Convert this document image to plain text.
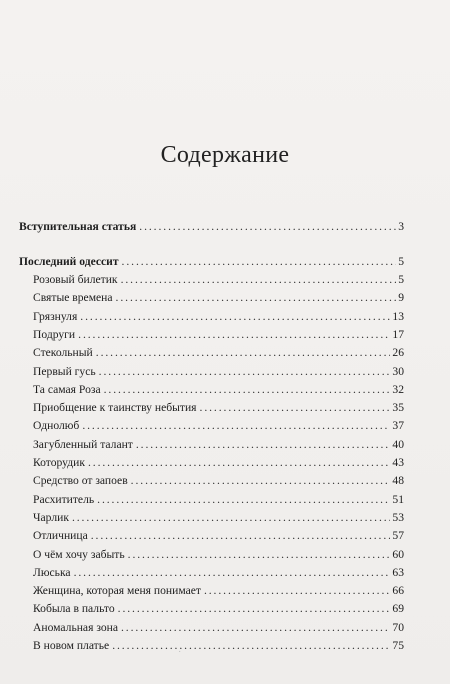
Содержание
Вступительная статья . . .	3
Последний одессит . . .	5
Розовый билетик . . .	5
Святые времена . . .	9
Грязнуля . . .	13
Подруги . . .	17
Стекольный . . .	26
Первый гусь . . .	30
Та самая Роза . . .	32
Приобщение к таинству небытия . . .	35
Однолюб . . .	37
Загубленный талант . . .	40
Которудик . . .	43
Средство от запоев . . .	48
Расхититель . . .	51
Чарлик . . .	53
Отличница . . .	57
О чём хочу забыть . . .	60
Люська . . .	63
Женщина, которая меня понимает . . .	66
Кобыла в пальто . . .	69
Аномальная зона . . .	70
В новом платье . . .	75
˙
